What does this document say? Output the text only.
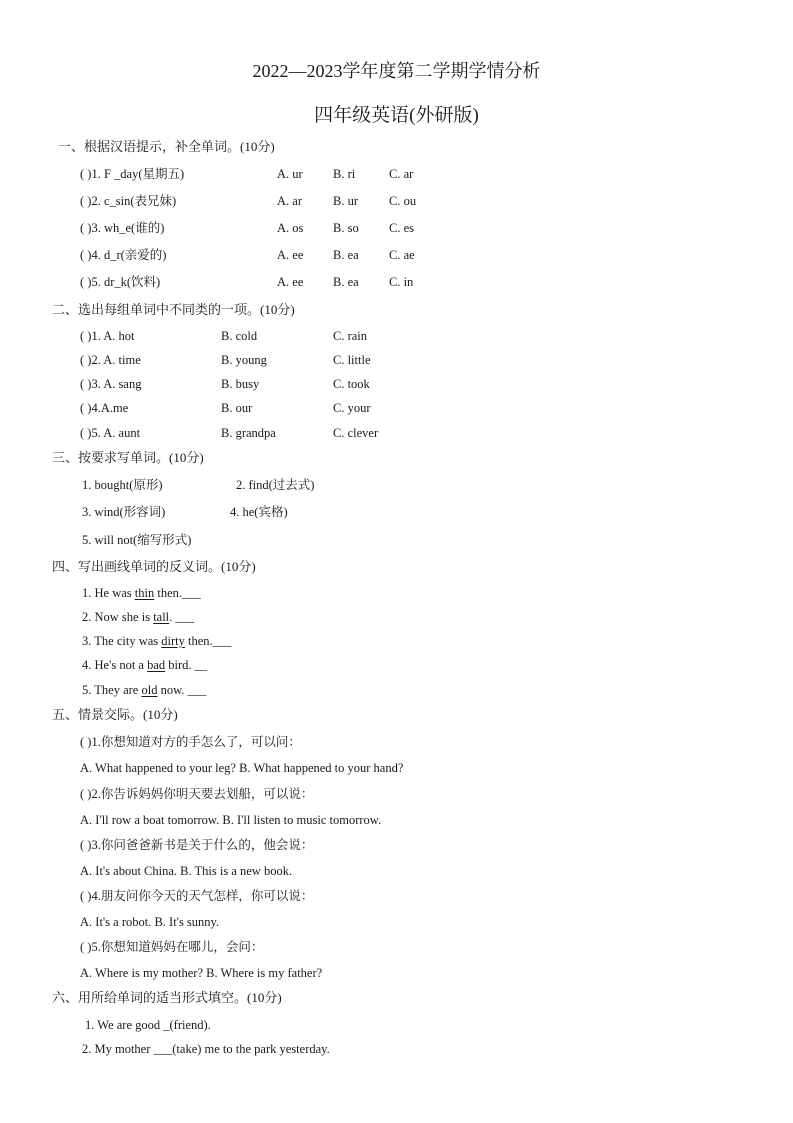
2022—2023学年度第二学期学情分析
四年级英语(外研版)
一、根据汉语提示，补全单词。(10分)
( )1. F _day(星期五)	A. ur B. ri	C. ar
( )2. c_sin(表兄妹)	A. ar B. ur C. ou
( )3. wh_e(谁的)	A. os B. so C. es
( )4. d_r(亲爱的)	A. ee B. ea C. ae
( )5. dr_k(饮料)	A. ee B. ea C. in
二、选出每组单词中不同类的一项。(10分)
( )1. A. hot	B. cold	C. rain
( )2. A. time	B. young	C. little
( )3. A. sang	B. busy	C. took
( )4.A.me	B. our	C. your
( )5. A. aunt	B. grandpa	C. clever
三、按要求写单词。(10分)
1. bought(原形)	2. find(过去式)
3. wind(形容词)	4. he(宾格)
5. will not(缩写形式)
四、写出画线单词的反义词。(10分)
1. He was thin then.___
2. Now she is tall. ___
3. The city was dirty then.___
4. He's not a bad bird. __
5. They are old now. ___
五、情景交际。(10分)
( )1.你想知道对方的手怎么了，可以问：
A. What happened to your leg? B. What happened to your hand?
( )2.你告诉妈妈你明天要去划船，可以说：
A. I'll row a boat tomorrow. B. I'll listen to music tomorrow.
( )3.你问爸爸新书是关于什么的，他会说：
A. It's about China. B. This is a new book.
( )4.朋友问你今天的天气怎样，你可以说：
A. It's a robot. B. It's sunny.
( )5.你想知道妈妈在哪儿，会问：
A. Where is my mother? B. Where is my father?
六、用所给单词的适当形式填空。(10分)
1. We are good _(friend).
2. My mother ___(take) me to the park yesterday.
